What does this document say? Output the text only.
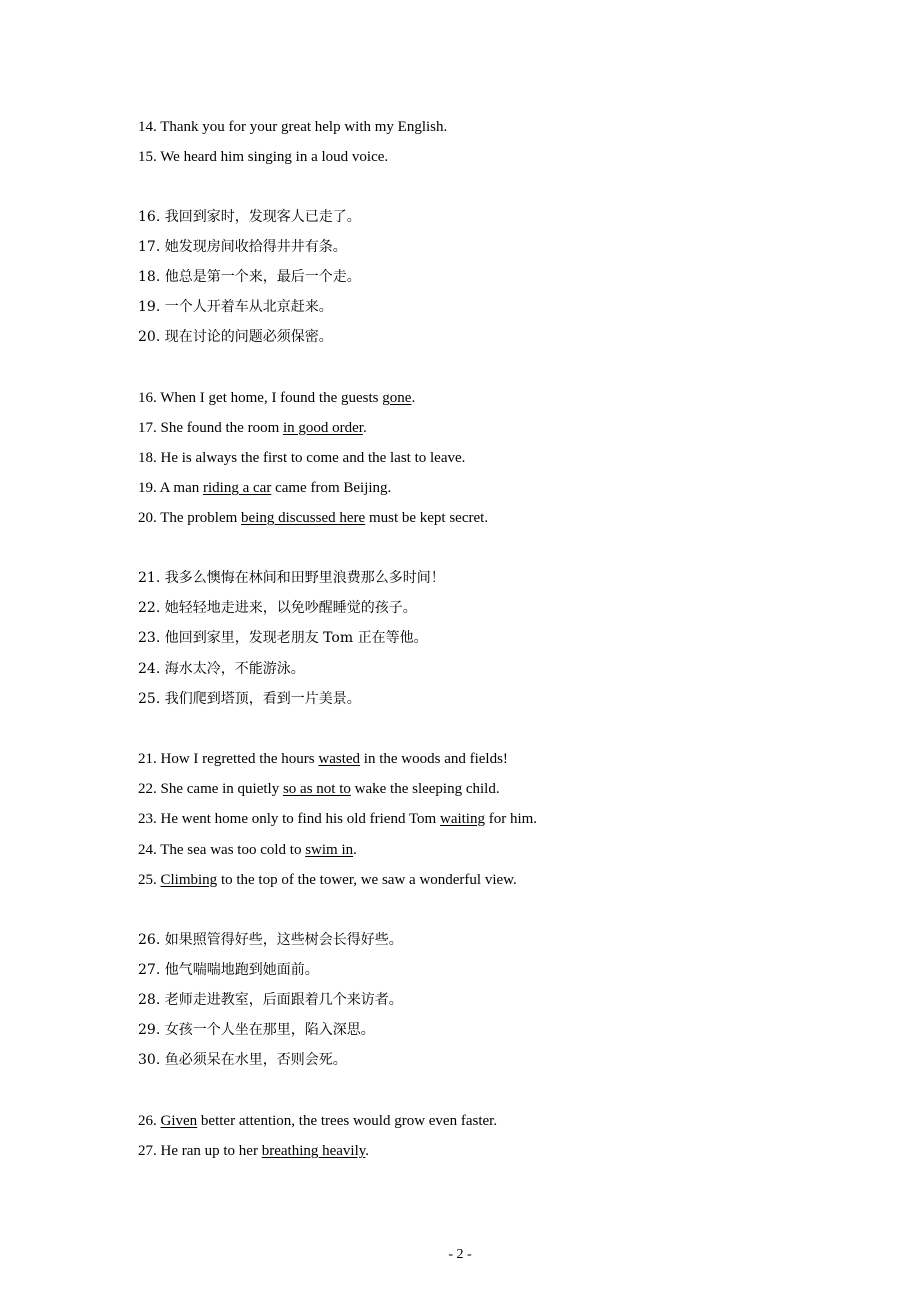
www.zixin.com.cn
14. Thank you for your great help with my English.
15. We heard him singing in a loud voice.
16. 我回到家时，发现客人已走了。
17. 她发现房间收拾得井井有条。
18. 他总是第一个来，最后一个走。
19. 一个人开着车从北京赶来。
20. 现在讨论的问题必须保密。
16. When I get home, I found the guests gone.
17. She found the room in good order.
18. He is always the first to come and the last to leave.
19. A man riding a car came from Beijing.
20. The problem being discussed here must be kept secret.
21. 我多么懊悔在林间和田野里浪费那么多时间！
22. 她轻轻地走进来，以免吵醒睡觉的孩子。
23. 他回到家里，发现老朋友 Tom 正在等他。
24. 海水太冷，不能游泳。
25. 我们爬到塔顶，看到一片美景。
21. How I regretted the hours wasted in the woods and fields!
22. She came in quietly so as not to wake the sleeping child.
23. He went home only to find his old friend Tom waiting for him.
24. The sea was too cold to swim in.
25. Climbing to the top of the tower, we saw a wonderful view.
26. 如果照管得好些，这些树会长得好些。
27. 他气喘喘地跑到她面前。
28. 老师走进教室，后面跟着几个来访者。
29. 女孩一个人坐在那里，陷入深思。
30. 鱼必须呆在水里，否则会死。
26. Given better attention, the trees would grow even faster.
27. He ran up to her breathing heavily.
- 2 -
